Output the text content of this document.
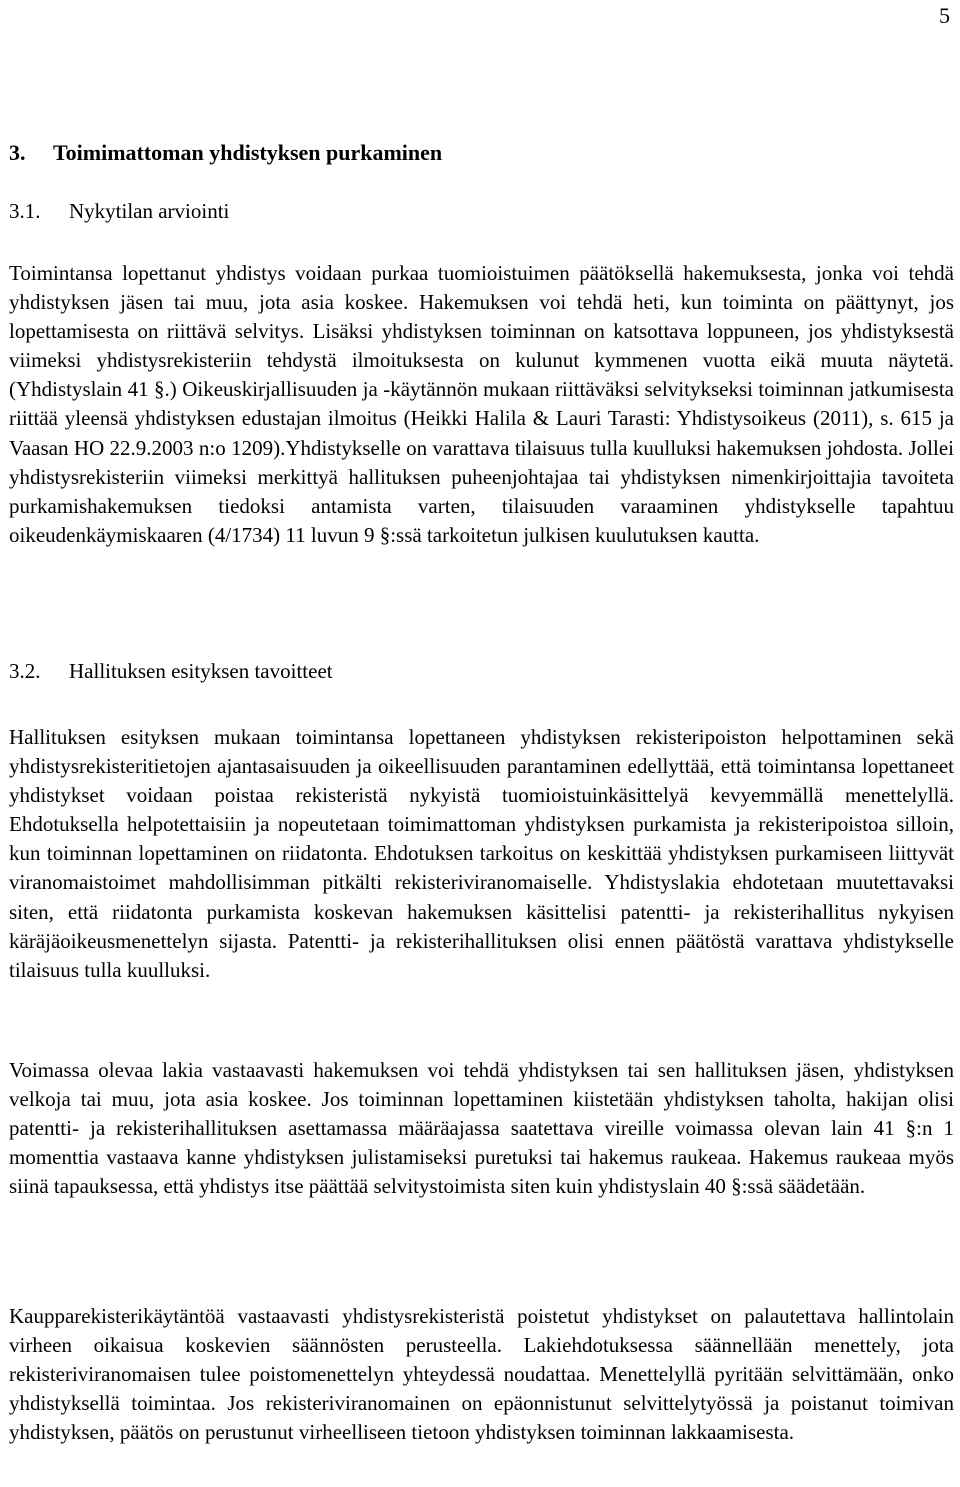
5
3. Toimimattoman yhdistyksen purkaminen
3.1. Nykytilan arviointi

Toimintansa lopettanut yhdistys voidaan purkaa tuomioistuimen päätöksellä hakemuksesta, jonka voi tehdä yhdistyksen jäsen tai muu, jota asia koskee. Hakemuksen voi tehdä heti, kun toiminta on päättynyt, jos lopettamisesta on riittävä selvitys. Lisäksi yhdistyksen toiminnan on katsottava loppuneen, jos yhdistyksestä viimeksi yhdistysrekisteriin tehdystä ilmoituksesta on kulunut kymmenen vuotta eikä muuta näytetä. (Yhdistyslain 41 §.) Oikeuskirjallisuuden ja -käytännön mukaan riittäväksi selvitykseksi toiminnan jatkumisesta riittää yleensä yhdistyksen edustajan ilmoitus (Heikki Halila & Lauri Tarasti: Yhdistysoikeus (2011), s. 615 ja Vaasan HO 22.9.2003 n:o 1209).Yhdistykselle on varattava tilaisuus tulla kuulluksi hakemuksen johdosta. Jollei yhdistysrekisteriin viimeksi merkittyä hallituksen puheenjohtajaa tai yhdistyksen nimenkirjoittajia tavoiteta purkamishakemuksen tiedoksi antamista varten, tilaisuuden varaaminen yhdistykselle tapahtuu oikeudenkäymiskaaren (4/1734) 11 luvun 9 §:ssä tarkoitetun julkisen kuulutuksen kautta.

3.2. Hallituksen esityksen tavoitteet

Hallituksen esityksen mukaan toimintansa lopettaneen yhdistyksen rekisteripoiston helpottaminen sekä yhdistysrekisteritietojen ajantasaisuuden ja oikeellisuuden parantaminen edellyttää, että toimintansa lopettaneet yhdistykset voidaan poistaa rekisteristä nykyistä tuomioistuinkäsittelyä kevyemmällä menettelyllä. Ehdotuksella helpotettaisiin ja nopeutetaan toimimattoman yhdistyksen purkamista ja rekisteripoistoa silloin, kun toiminnan lopettaminen on riidatonta. Ehdotuksen tarkoitus on keskittää yhdistyksen purkamiseen liittyvät viranomaistoimet mahdollisimman pitkälti rekisteriviranomaiselle. Yhdistyslakia ehdotetaan muutettavaksi siten, että riidatonta purkamista koskevan hakemuksen käsittelisi patentti- ja rekisterihallitus nykyisen käräjäoikeusmenettelyn sijasta. Patentti- ja rekisterihallituksen olisi ennen päätöstä varattava yhdistykselle tilaisuus tulla kuulluksi.

Voimassa olevaa lakia vastaavasti hakemuksen voi tehdä yhdistyksen tai sen hallituksen jäsen, yhdistyksen velkoja tai muu, jota asia koskee. Jos toiminnan lopettaminen kiistetään yhdistyksen taholta, hakijan olisi patentti- ja rekisterihallituksen asettamassa määräajassa saatettava vireille voimassa olevan lain 41 §:n 1 momenttia vastaava kanne yhdistyksen julistamiseksi puretuksi tai hakemus raukeaa. Hakemus raukeaa myös siinä tapauksessa, että yhdistys itse päättää selvitystoimista siten kuin yhdistyslain 40 §:ssä säädetään.

Kaupparekisterikäytäntöä vastaavasti yhdistysrekisteristä poistetut yhdistykset on palautettava hallintolain virheen oikaisua koskevien säännösten perusteella. Lakiehdotuksessa säännellään menettely, jota rekisteriviranomaisen tulee poistomenettelyn yhteydessä noudattaa. Menettelyllä pyritään selvittämään, onko yhdistyksellä toimintaa. Jos rekisteriviranomainen on epäonnistunut selvittelytyössä ja poistanut toimivan yhdistyksen, päätös on perustunut virheelliseen tietoon yhdistyksen toiminnan lakkaamisesta.
